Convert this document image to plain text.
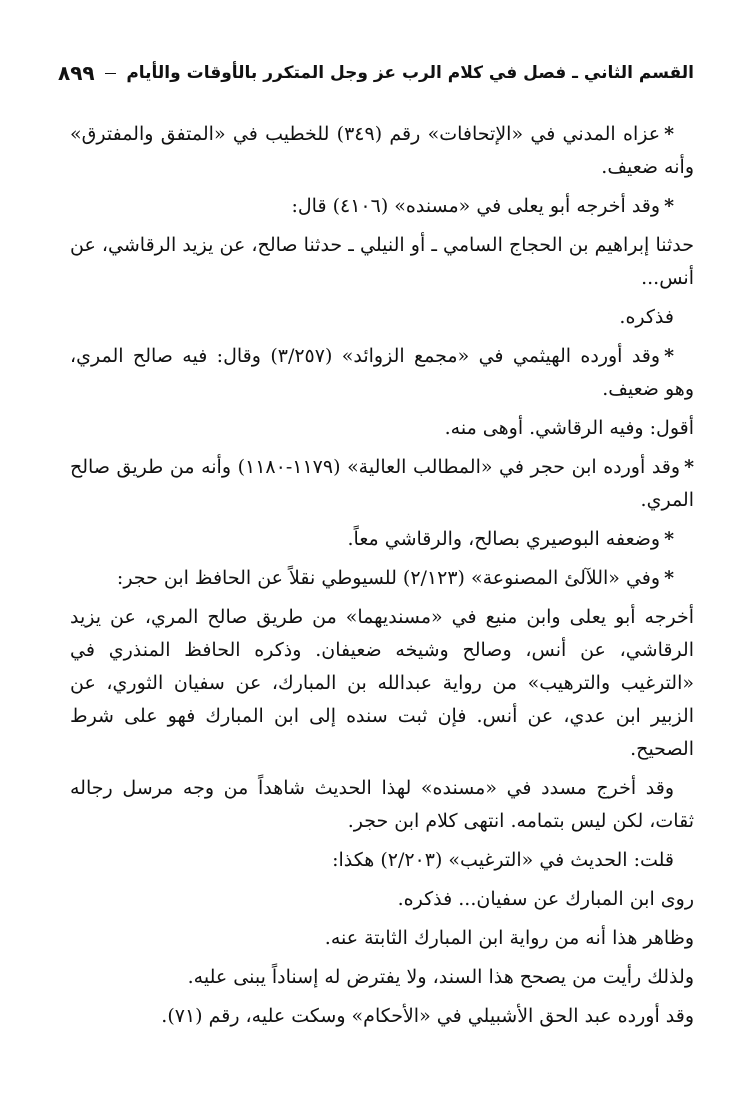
القسم الثاني ـ فصل في كلام الرب عز وجل المتكرر بالأوقات والأيام
٨٩٩

*عزاه المدني في «الإتحافات» رقم (٣٤٩) للخطيب في «المتفق والمفترق» وأنه ضعيف.

*وقد أخرجه أبو يعلى في «مسنده» (٤١٠٦) قال:

حدثنا إبراهيم بن الحجاج السامي ـ أو النيلي ـ حدثنا صالح، عن يزيد الرقاشي، عن أنس...

فذكره.

*وقد أورده الهيثمي في «مجمع الزوائد» (٣/٢٥٧) وقال: فيه صالح المري، وهو ضعيف.

أقول: وفيه الرقاشي. أوهى منه.

*وقد أورده ابن حجر في «المطالب العالية» (١١٧٩-١١٨٠) وأنه من طريق صالح المري.

*وضعفه البوصيري بصالح، والرقاشي معاً.

*وفي «اللآلئ المصنوعة» (٢/١٢٣) للسيوطي نقلاً عن الحافظ ابن حجر:

أخرجه أبو يعلى وابن منيع في «مسنديهما» من طريق صالح المري، عن يزيد الرقاشي، عن أنس، وصالح وشيخه ضعيفان. وذكره الحافظ المنذري في «الترغيب والترهيب» من رواية عبدالله بن المبارك، عن سفيان الثوري، عن الزبير ابن عدي، عن أنس. فإن ثبت سنده إلى ابن المبارك فهو على شرط الصحيح.

وقد أخرج مسدد في «مسنده» لهذا الحديث شاهداً من وجه مرسل رجاله ثقات، لكن ليس بتمامه. انتهى كلام ابن حجر.

قلت: الحديث في «الترغيب» (٢/٢٠٣) هكذا:

روى ابن المبارك عن سفيان... فذكره.

وظاهر هذا أنه من رواية ابن المبارك الثابتة عنه.

ولذلك رأيت من يصحح هذا السند، ولا يفترض له إسناداً يبنى عليه.

وقد أورده عبد الحق الأشبيلي في «الأحكام» وسكت عليه، رقم (٧١).
